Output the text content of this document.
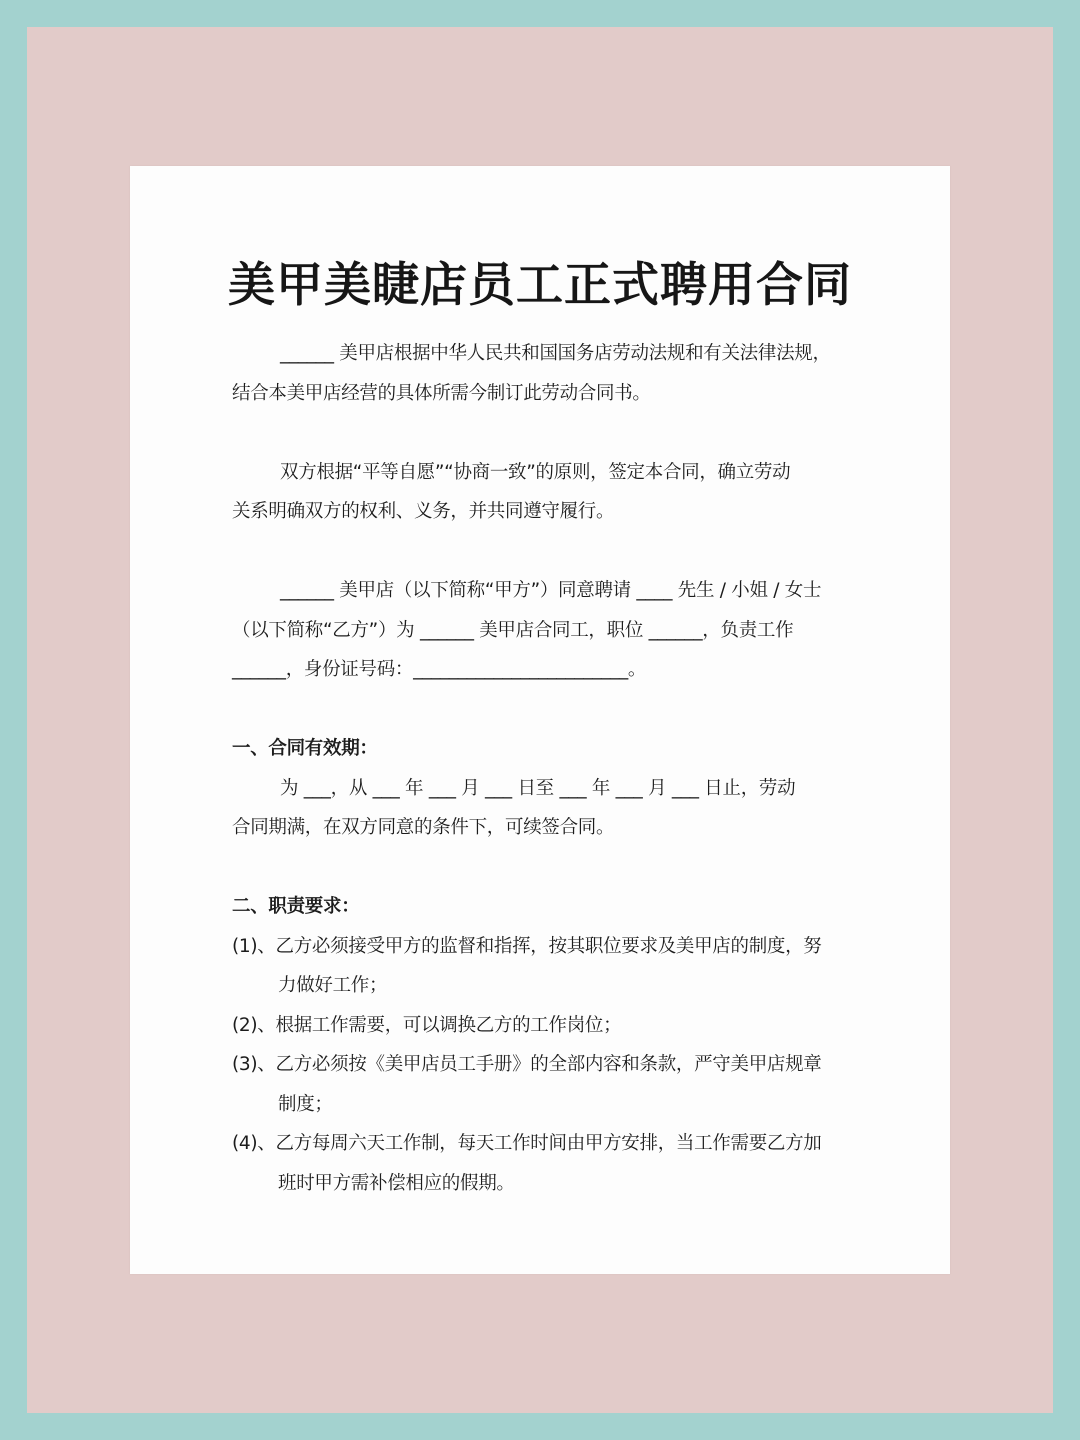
美甲美睫店员工正式聘用合同

______ 美甲店根据中华人民共和国国务店劳动法规和有关法律法规，

结合本美甲店经营的具体所需今制订此劳动合同书。

双方根据“平等自愿”“协商一致”的原则，签定本合同，确立劳动

关系明确双方的权利、义务，并共同遵守履行。

______ 美甲店（以下简称“甲方”）同意聘请 ____ 先生 / 小姐 / 女士

（以下简称“乙方”）为 ______ 美甲店合同工，职位 ______，负责工作

______，身份证号码：________________________。

一、合同有效期：

为 ___，从 ___ 年 ___ 月 ___ 日至 ___ 年 ___ 月 ___ 日止，劳动

合同期满，在双方同意的条件下，可续签合同。

二、职责要求：

(1)、乙方必须接受甲方的监督和指挥，按其职位要求及美甲店的制度，努

力做好工作；

(2)、根据工作需要，可以调换乙方的工作岗位；

(3)、乙方必须按《美甲店员工手册》的全部内容和条款，严守美甲店规章

制度；

(4)、乙方每周六天工作制，每天工作时间由甲方安排，当工作需要乙方加

班时甲方需补偿相应的假期。
